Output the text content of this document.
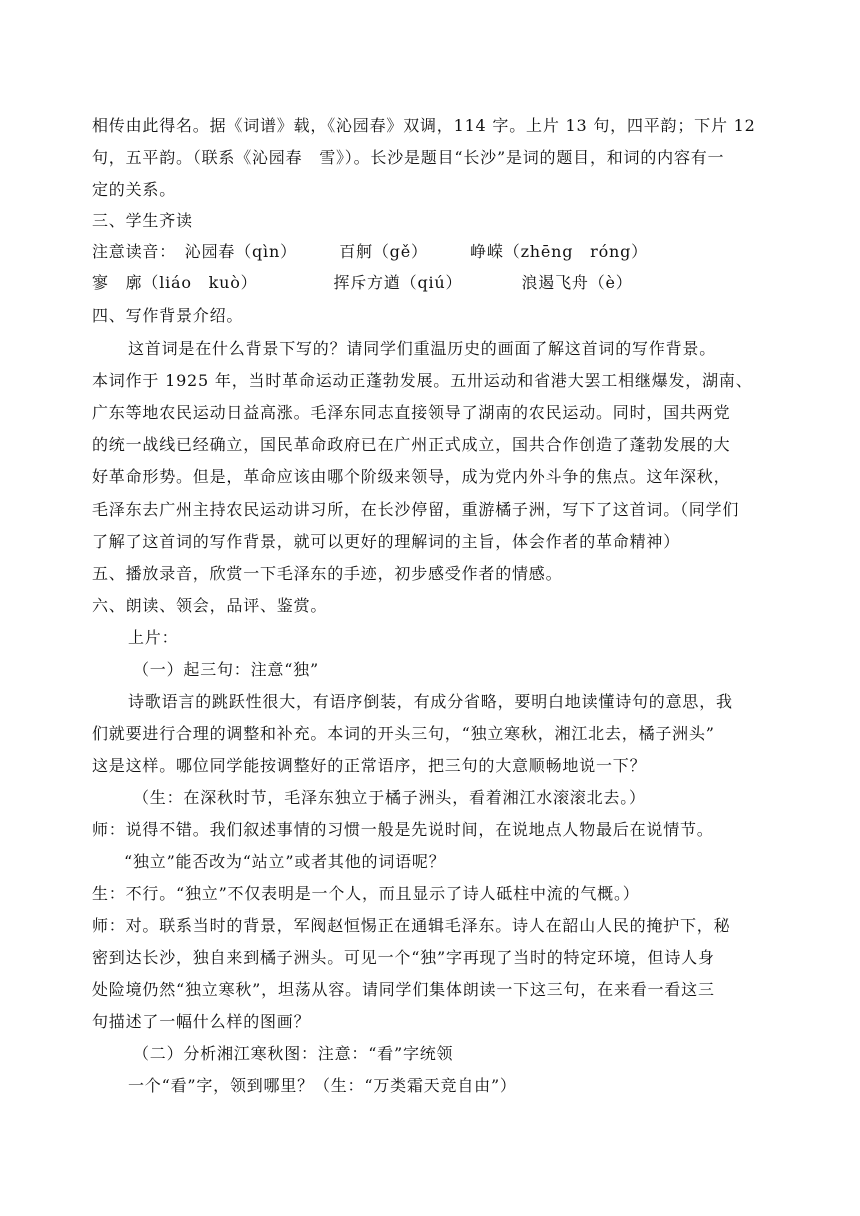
相传由此得名。据《词谱》载，《沁园春》双调，114 字。上片 13 句，四平韵；下片 12
句，五平韵。（联系《沁园春　雪》）。长沙是题目“长沙”是词的题目，和词的内容有一
定的关系。
三、学生齐读
注意读音：　沁园春（qìn）　　　百舸（gě）　　　峥嵘（zhēng　róng）
寥　廓（liáo　kuò）　　　　　挥斥方遒（qiú）　　　　浪遏飞舟（è）
四、写作背景介绍。
这首词是在什么背景下写的？请同学们重温历史的画面了解这首词的写作背景。
本词作于 1925 年，当时革命运动正蓬勃发展。五卅运动和省港大罢工相继爆发，湖南、
广东等地农民运动日益高涨。毛泽东同志直接领导了湖南的农民运动。同时，国共两党
的统一战线已经确立，国民革命政府已在广州正式成立，国共合作创造了蓬勃发展的大
好革命形势。但是，革命应该由哪个阶级来领导，成为党内外斗争的焦点。这年深秋，
毛泽东去广州主持农民运动讲习所，在长沙停留，重游橘子洲，写下了这首词。（同学们
了解了这首词的写作背景，就可以更好的理解词的主旨，体会作者的革命精神）
五、播放录音，欣赏一下毛泽东的手迹，初步感受作者的情感。
六、朗读、领会，品评、鉴赏。
上片：
（一）起三句：注意“独”
诗歌语言的跳跃性很大，有语序倒装，有成分省略，要明白地读懂诗句的意思，我
们就要进行合理的调整和补充。本词的开头三句，“独立寒秋，湘江北去，橘子洲头”
这是这样。哪位同学能按调整好的正常语序，把三句的大意顺畅地说一下？
（生：在深秋时节，毛泽东独立于橘子洲头，看着湘江水滚滚北去。）
师：说得不错。我们叙述事情的习惯一般是先说时间，在说地点人物最后在说情节。
“独立”能否改为“站立”或者其他的词语呢？
生：不行。“独立”不仅表明是一个人，而且显示了诗人砥柱中流的气概。）
师：对。联系当时的背景，军阀赵恒惕正在通辑毛泽东。诗人在韶山人民的掩护下，秘
密到达长沙，独自来到橘子洲头。可见一个“独”字再现了当时的特定环境，但诗人身
处险境仍然“独立寒秋”，坦荡从容。请同学们集体朗读一下这三句，在来看一看这三
句描述了一幅什么样的图画？
（二）分析湘江寒秋图：注意：“看”字统领
一个“看”字，领到哪里？（生：“万类霜天竞自由”）
